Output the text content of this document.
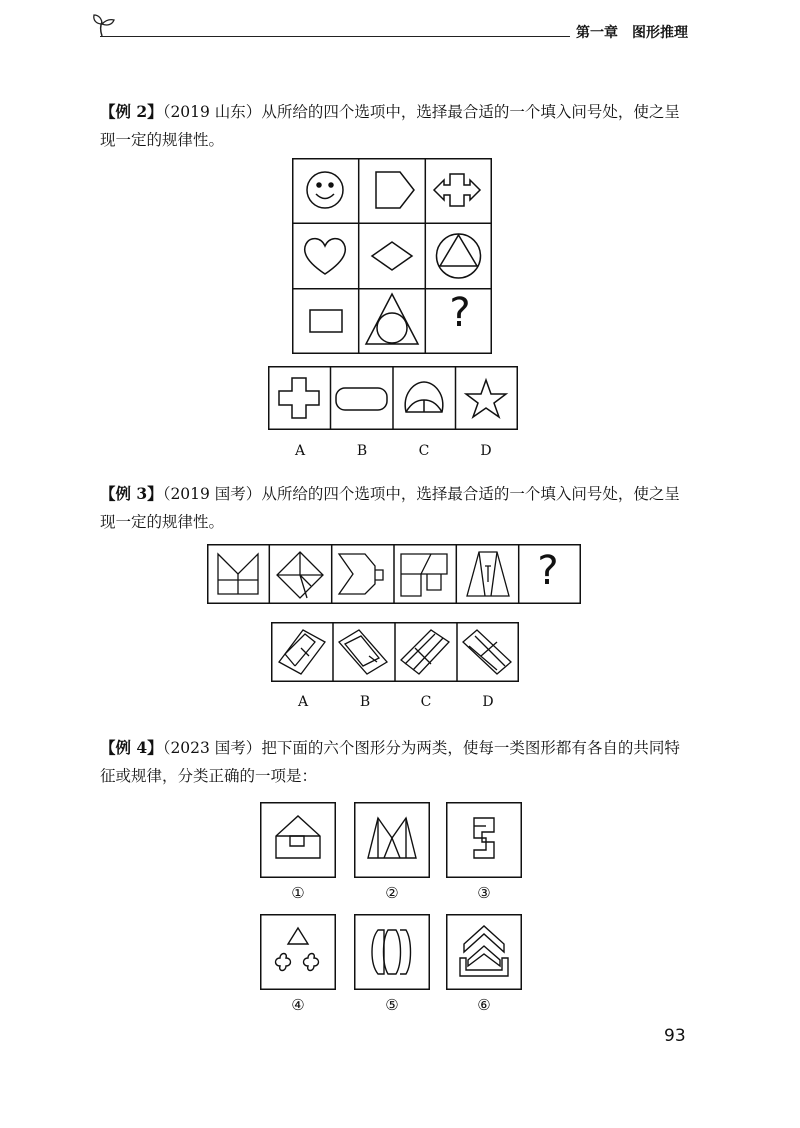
第一章　图形推理
【例 2】（2019 山东）从所给的四个选项中，选择最合适的一个填入问号处，使之呈现一定的规律性。
?
A	B	C	D
【例 3】（2019 国考）从所给的四个选项中，选择最合适的一个填入问号处，使之呈现一定的规律性。
?
A	B	C	D
【例 4】（2023 国考）把下面的六个图形分为两类，使每一类图形都有各自的共同特征或规律，分类正确的一项是：
①	②	③
④	⑤	⑥
93
